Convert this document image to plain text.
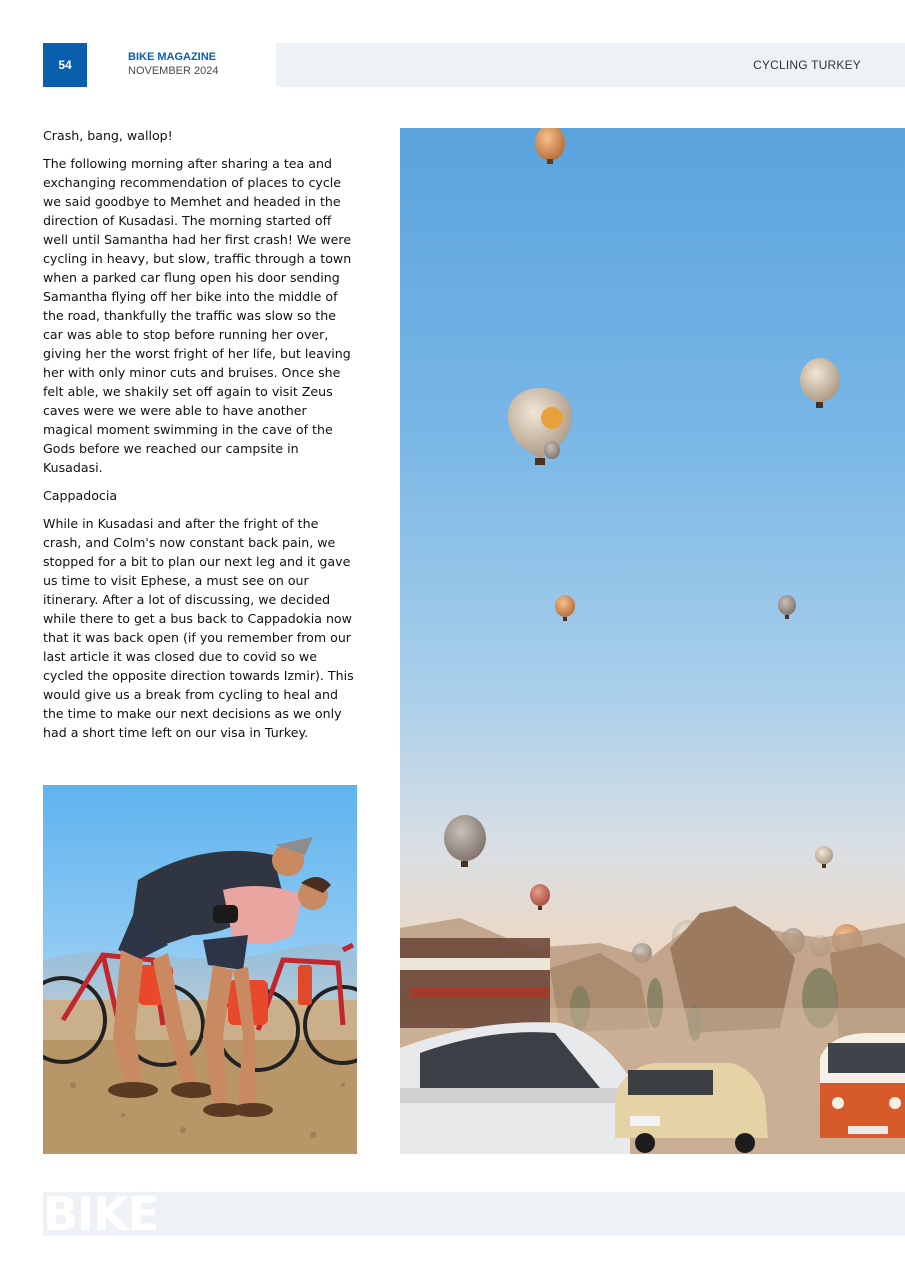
54
BIKE MAGAZINE
NOVEMBER 2024	CYCLING TURKEY

Crash, bang, wallop!

The following morning after sharing a tea and exchanging recommendation of places to cycle we said goodbye to Memhet and headed in the direction of Kusadasi. The morning started off well until Samantha had her first crash! We were cycling in heavy, but slow, traffic through a town when a parked car flung open his door sending Samantha flying off her bike into the middle of the road, thankfully the traffic was slow so the car was able to stop before running her over, giving her the worst fright of her life, but leaving her with only minor cuts and bruises. Once she felt able, we shakily set off again to visit Zeus caves were we were able to have another magical moment swimming in the cave of the Gods before we reached our campsite in Kusadasi.

Cappadocia

While in Kusadasi and after the fright of the crash, and Colm's now constant back pain, we stopped for a bit to plan our next leg and it gave us time to visit Ephese, a must see on our itinerary. After a lot of discussing, we decided while there to get a bus back to Cappadokia now that it was back open (if you remember from our last article it was closed due to covid so we cycled the opposite direction towards Izmir). This would give us a break from cycling to heal and the time to make our next decisions as we only had a short time left on our visa in Turkey.

BIKE
